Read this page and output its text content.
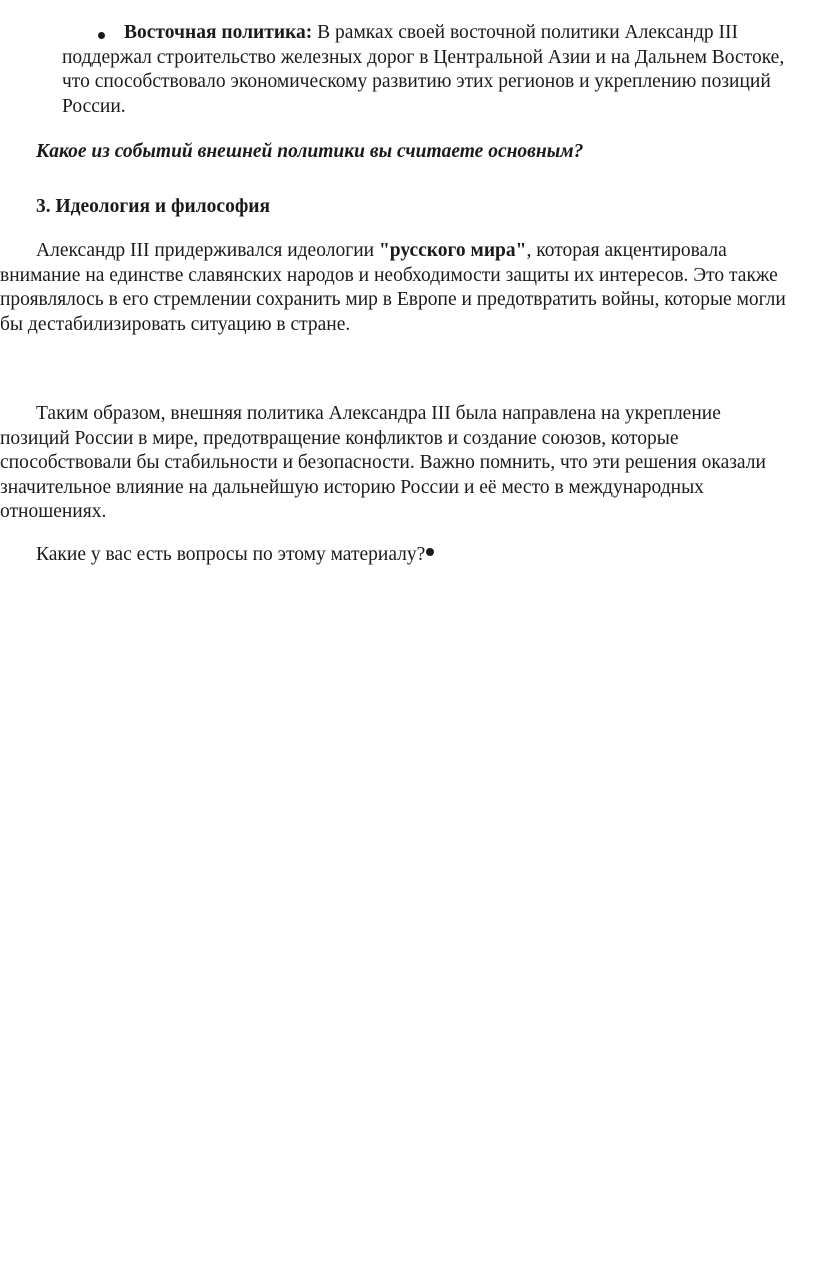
Восточная политика: В рамках своей восточной политики Александр III поддержал строительство железных дорог в Центральной Азии и на Дальнем Востоке, что способствовало экономическому развитию этих регионов и укреплению позиций России.

Какое из событий внешней политики вы считаете основным?

3. Идеология и философия

Александр III придерживался идеологии "русского мира", которая акцентировала внимание на единстве славянских народов и необходимости защиты их интересов. Это также проявлялось в его стремлении сохранить мир в Европе и предотвратить войны, которые могли бы дестабилизировать ситуацию в стране.

Таким образом, внешняя политика Александра III была направлена на укрепление позиций России в мире, предотвращение конфликтов и создание союзов, которые способствовали бы стабильности и безопасности. Важно помнить, что эти решения оказали значительное влияние на дальнейшую историю России и её место в международных отношениях.

Какие у вас есть вопросы по этому материалу?
